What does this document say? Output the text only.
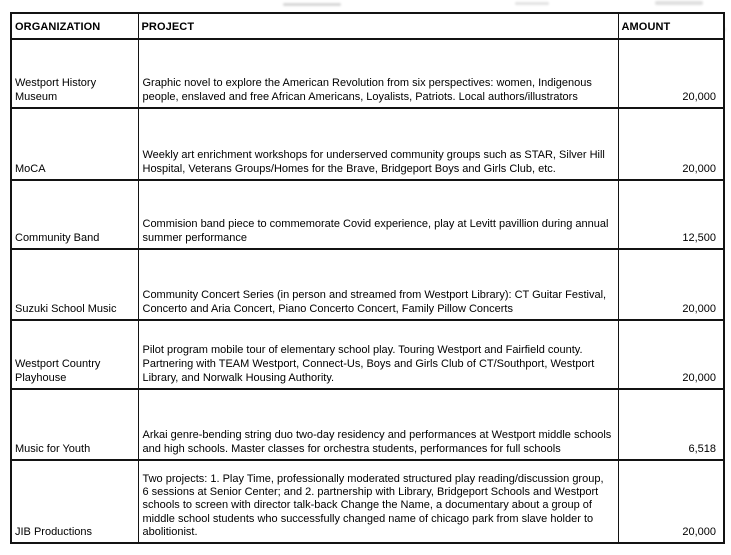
ORGANIZATION	PROJECT	AMOUNT
Westport History Museum	Graphic novel to explore the American Revolution from six perspectives: women, Indigenous people, enslaved and free African Americans, Loyalists, Patriots. Local authors/illustrators	20,000
MoCA	Weekly art enrichment workshops for underserved community groups such as STAR, Silver Hill Hospital, Veterans Groups/Homes for the Brave, Bridgeport Boys and Girls Club, etc.	20,000
Community Band	Commision band piece to commemorate Covid experience, play at Levitt pavillion during annual summer performance	12,500
Suzuki School Music	Community Concert Series (in person and streamed from Westport Library): CT Guitar Festival, Concerto and Aria Concert, Piano Concerto Concert, Family Pillow Concerts	20,000
Westport Country Playhouse	Pilot program mobile tour of elementary school play. Touring Westport and Fairfield county. Partnering with TEAM Westport, Connect-Us, Boys and Girls Club of CT/Southport, Westport Library, and Norwalk Housing Authority.	20,000
Music for Youth	Arkai genre-bending string duo two-day residency and performances at Westport middle schools and high schools. Master classes for orchestra students, performances for full schools	6,518
JIB Productions	Two projects: 1. Play Time, professionally moderated structured play reading/discussion group, 6 sessions at Senior Center; and 2. partnership with Library, Bridgeport Schools and Westport schools to screen with director talk-back Change the Name, a documentary about a group of middle school students who successfully changed name of chicago park from slave holder to abolitionist.	20,000
